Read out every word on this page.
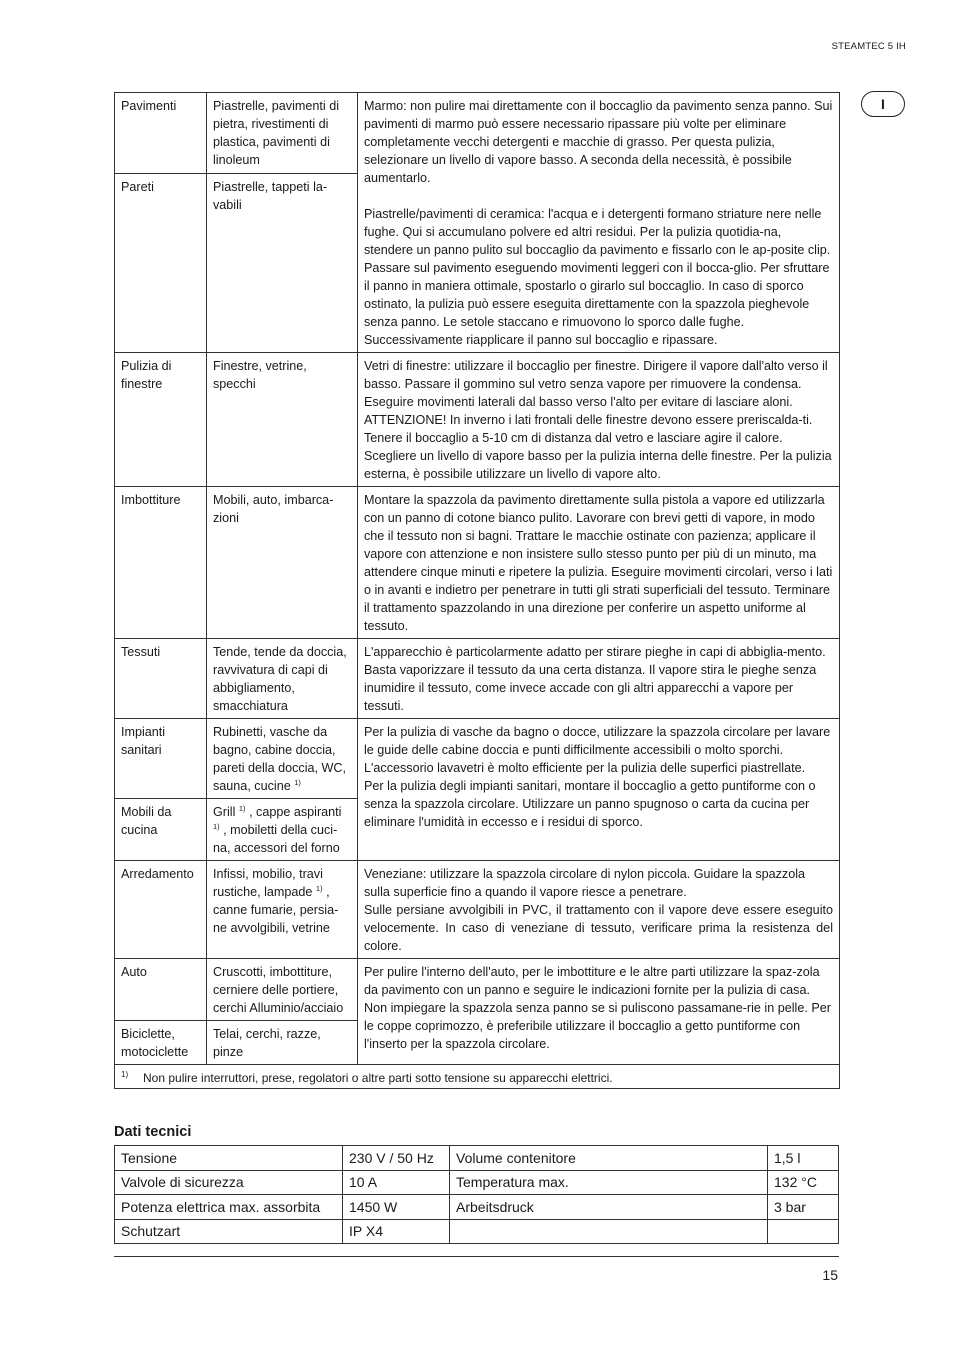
STEAMTEC 5 IH
I
Pavimenti	Piastrelle, pavimenti di pietra, rivestimenti di plastica, pavimenti di linoleum	Marmo: non pulire mai direttamente con il boccaglio da pavimento senza panno. Sui pavimenti di marmo può essere necessario ripassare più volte per eliminare completamente vecchi detergenti e macchie di grasso. Per questa pulizia, selezionare un livello di vapore basso. A seconda della necessità, è possibile aumentarlo.
Piastrelle/pavimenti di ceramica: l'acqua e i detergenti formano striature nere nelle fughe. Qui si accumulano polvere ed altri residui. Per la pulizia quotidia-na, stendere un panno pulito sul boccaglio da pavimento e fissarlo con le ap-posite clip. Passare sul pavimento eseguendo movimenti leggeri con il bocca-glio. Per sfruttare il panno in maniera ottimale, spostarlo o girarlo sul boccaglio. In caso di sporco ostinato, la pulizia può essere eseguita direttamente con la spazzola pieghevole senza panno. Le setole staccano e rimuovono lo sporco dalle fughe. Successivamente riapplicare il panno sul boccaglio e ripassare.

Pareti	Piastrelle, tappeti la-vabili	
Pulizia di finestre	Finestre, vetrine, specchi	Vetri di finestre: utilizzare il boccaglio per finestre. Dirigere il vapore dall'alto verso il basso. Passare il gommino sul vetro senza vapore per rimuovere la condensa. Eseguire movimenti laterali dal basso verso l'alto per evitare di lasciare aloni.
ATTENZIONE! In inverno i lati frontali delle finestre devono essere preriscalda-ti. Tenere il boccaglio a 5-10 cm di distanza dal vetro e lasciare agire il calore. Scegliere un livello di vapore basso per la pulizia interna delle finestre. Per la pulizia esterna, è possibile utilizzare un livello di vapore alto.

Imbottiture	Mobili, auto, imbarca-zioni	Montare la spazzola da pavimento direttamente sulla pistola a vapore ed utilizzarla con un panno di cotone bianco pulito. Lavorare con brevi getti di vapore, in modo che il tessuto non si bagni. Trattare le macchie ostinate con pazienza; applicare il vapore con attenzione e non insistere sullo stesso punto per più di un minuto, ma attendere cinque minuti e ripetere la pulizia. Eseguire movimenti circolari, verso i lati o in avanti e indietro per penetrare in tutti gli strati superficiali del tessuto. Terminare il trattamento spazzolando in una direzione per conferire un aspetto uniforme al tessuto.
Tessuti	Tende, tende da doccia, ravvivatura di capi di abbigliamento, smacchiatura	L'apparecchio è particolarmente adatto per stirare pieghe in capi di abbiglia-mento. Basta vaporizzare il tessuto da una certa distanza. Il vapore stira le pieghe senza inumidire il tessuto, come invece accade con gli altri apparecchi a vapore per tessuti.
Impianti sanitari	Rubinetti, vasche da bagno, cabine doccia, pareti della doccia, WC, sauna, cucine $^{1)}$	Per la pulizia di vasche da bagno o docce, utilizzare la spazzola circolare per lavare le guide delle cabine doccia e punti difficilmente accessibili o molto sporchi. L'accessorio lavavetri è molto efficiente per la pulizia delle superfici piastrellate.
Per la pulizia degli impianti sanitari, montare il boccaglio a getto puntiforme con o senza la spazzola circolare. Utilizzare un panno spugnoso o carta da cucina per eliminare l'umidità in eccesso e i residui di sporco.

Mobili da cucina	Grill $^{1)}$ , cappe aspiranti $^{1)}$ , mobiletti della cuci-na, accessori del forno	
Arredamento	Infissi, mobilio, travi rustiche, lampade $^{1)}$ , canne fumarie, persia-ne avvolgibili, vetrine	Veneziane: utilizzare la spazzola circolare di nylon piccola. Guidare la spazzola sulla superficie fino a quando il vapore riesce a penetrare.
Sulle persiane avvolgibili in PVC, il trattamento con il vapore deve essere eseguito velocemente. In caso di veneziane di tessuto, verificare prima la resistenza del colore.

Auto	Cruscotti, imbottiture, cerniere delle portiere, cerchi Alluminio/acciaio	Per pulire l'interno dell'auto, per le imbottiture e le altre parti utilizzare la spaz-zola da pavimento con un panno e seguire le indicazioni fornite per la pulizia di casa. Non impiegare la spazzola senza panno se si puliscono passamane-rie in pelle. Per le coppe coprimozzo, è preferibile utilizzare il boccaglio a getto puntiforme con l'inserto per la spazzola circolare.
Biciclette, motociclette	Telai, cerchi, razze, pinze	
1) Non pulire interruttori, prese, regolatori o altre parti sotto tensione su apparecchi elettrici.		
Dati tecnici
Tensione	230 V / 50 Hz	Volume contenitore	1,5 l
Valvole di sicurezza	10 A	Temperatura max.	132 °C
Potenza elettrica max. assorbita	1450 W	Arbeitsdruck	3 bar
Schutzart	IP X4		
15
